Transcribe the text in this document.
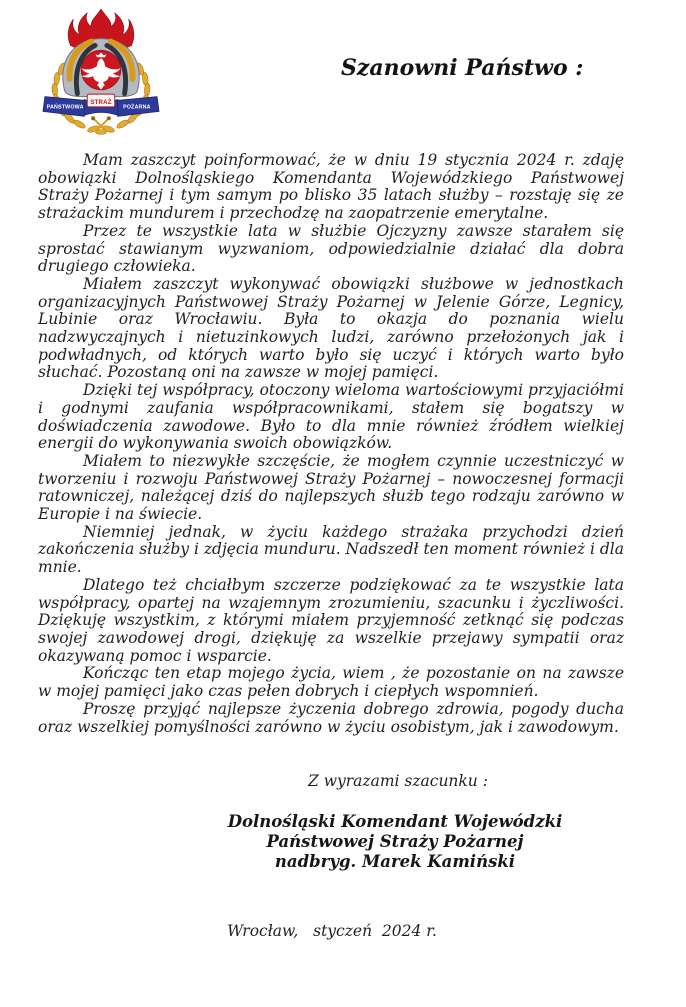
PAŃSTWOWA
STRAŻ
POŻARNA
Szanowni Państwo :

Mam zaszczyt poinformować, że w dniu 19 stycznia 2024 r. zdaję obowiązki Dolnośląskiego Komendanta Wojewódzkiego Państwowej Straży Pożarnej i tym samym po blisko 35 latach służby – rozstaję się ze strażackim mundurem i przechodzę na zaopatrzenie emerytalne.

Przez te wszystkie lata w służbie Ojczyzny zawsze starałem się sprostać stawianym wyzwaniom, odpowiedzialnie działać dla dobra drugiego człowieka.

Miałem zaszczyt wykonywać obowiązki służbowe w jednostkach organizacyjnych Państwowej Straży Pożarnej w Jelenie Górze, Legnicy, Lubinie oraz Wrocławiu. Była to okazja do poznania wielu nadzwyczajnych i nietuzinkowych ludzi, zarówno przełożonych jak i podwładnych, od których warto było się uczyć i których warto było słuchać. Pozostaną oni na zawsze w mojej pamięci.

Dzięki tej współpracy, otoczony wieloma wartościowymi przyjaciółmi i godnymi zaufania współpracownikami, stałem się bogatszy w doświadczenia zawodowe. Było to dla mnie również źródłem wielkiej energii do wykonywania swoich obowiązków.

Miałem to niezwykłe szczęście, że mogłem czynnie uczestniczyć w tworzeniu i rozwoju Państwowej Straży Pożarnej – nowoczesnej formacji ratowniczej, należącej dziś do najlepszych służb tego rodzaju zarówno w Europie i na świecie.

Niemniej jednak, w życiu każdego strażaka przychodzi dzień zakończenia służby i zdjęcia munduru. Nadszedł ten moment również i dla mnie.

Dlatego też chciałbym szczerze podziękować za te wszystkie lata współpracy, opartej na wzajemnym zrozumieniu, szacunku i życzliwości. Dziękuję wszystkim, z którymi miałem przyjemność zetknąć się podczas swojej zawodowej drogi, dziękuję za wszelkie przejawy sympatii oraz okazywaną pomoc i wsparcie.

Kończąc ten etap mojego życia, wiem , że pozostanie on na zawsze w mojej pamięci jako czas pełen dobrych i ciepłych wspomnień.

Proszę przyjąć najlepsze życzenia dobrego zdrowia, pogody ducha oraz wszelkiej pomyślności zarówno w życiu osobistym, jak i zawodowym.

Z wyrazami szacunku :
Dolnośląski Komendant Wojewódzki
Państwowej Straży Pożarnej
nadbryg. Marek Kamiński
Wrocław,   styczeń  2024 r.
